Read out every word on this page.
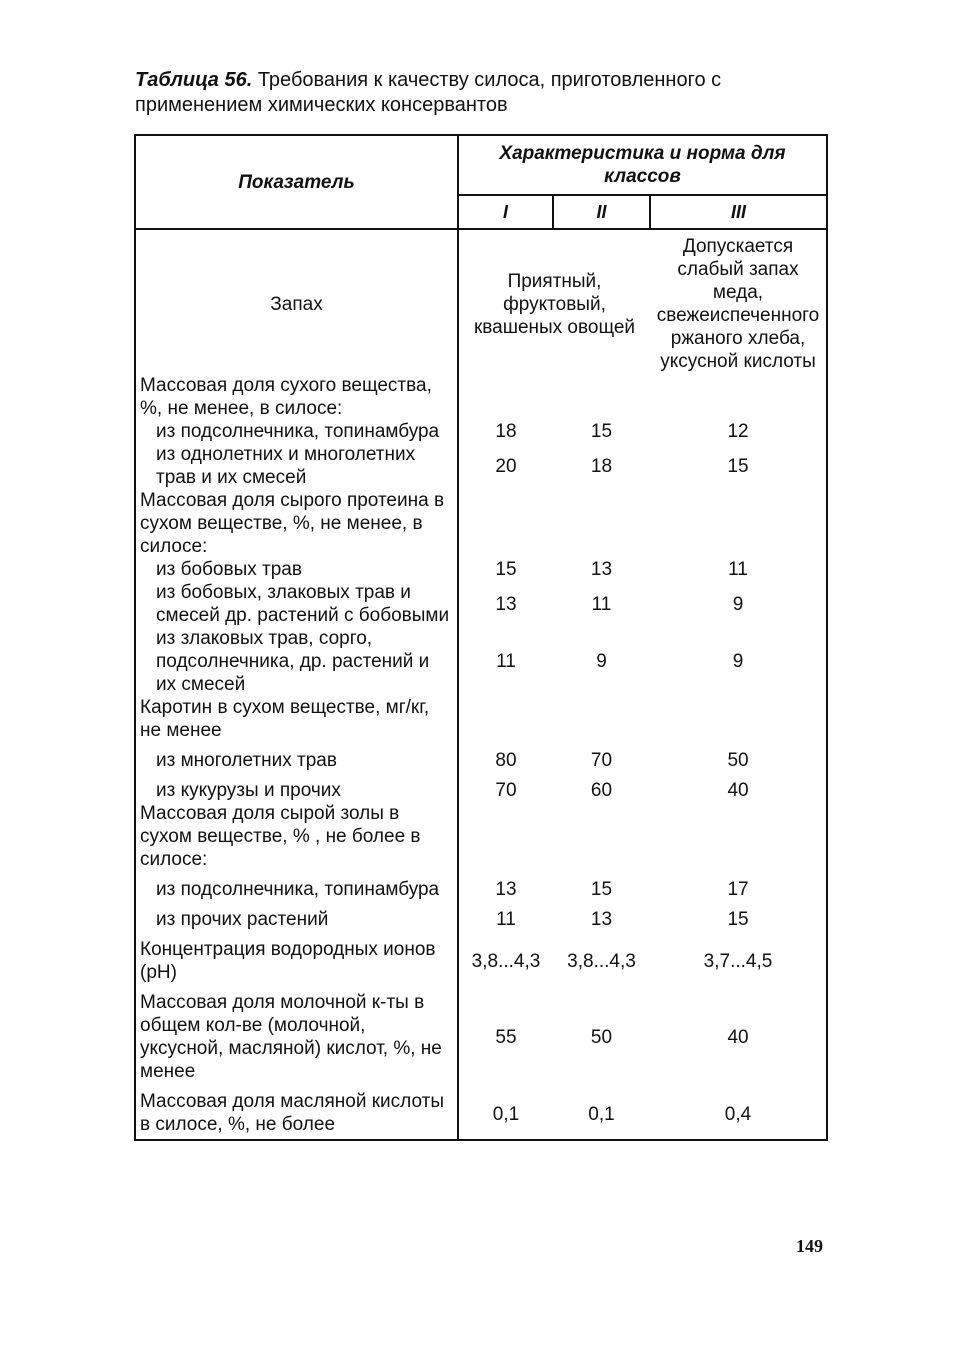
Таблица 56. Требования к качеству силоса, приготовленного с применением химических консервантов
Показатель	Характеристика и норма для классов		
	I	II	III
Запах	Приятный, фруктовый, квашеных овощей		Допускается слабый запах меда, свежеиспеченного ржаного хлеба, уксусной кислоты
Массовая доля сухого вещества, %, не менее, в силосе:			
из подсолнечника, топинамбура	18	15	12
из однолетних и многолетних трав и их смесей	20	18	15
Массовая доля сырого протеина в сухом веществе, %, не менее, в силосе:			
из бобовых трав	15	13	11
из бобовых, злаковых трав и смесей др. растений с бобовыми	13	11	9
из злаковых трав, сорго, подсолнечника, др. растений и их смесей	11	9	9
Каротин в сухом веществе, мг/кг, не менее			
из многолетних трав	80	70	50
из кукурузы и прочих	70	60	40
Массовая доля сырой золы в сухом веществе, % , не более в силосе:			
из подсолнечника, топинамбура	13	15	17
из прочих растений	11	13	15
Концентрация водородных ионов (pH)	3,8...4,3	3,8...4,3	3,7...4,5
Массовая доля молочной к-ты в общем кол-ве (молочной, уксусной, масляной) кислот, %, не менее	55	50	40
Массовая доля масляной кислоты в силосе, %, не более	0,1	0,1	0,4
149
